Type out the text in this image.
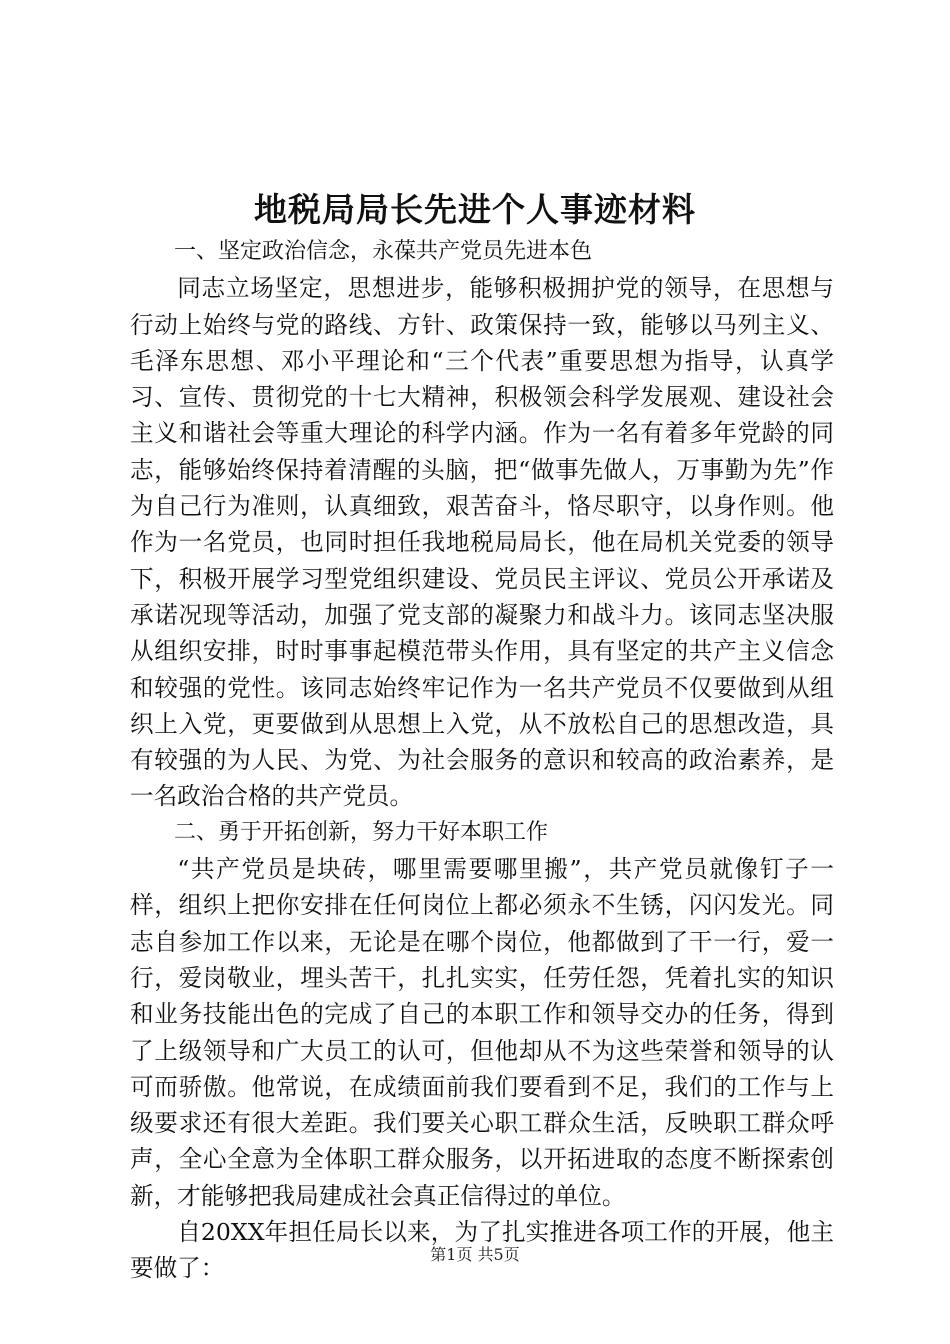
地税局局长先进个人事迹材料

一、坚定政治信念，永葆共产党员先进本色

同志立场坚定，思想进步，能够积极拥护党的领导，在思想与行动上始终与党的路线、方针、政策保持一致，能够以马列主义、毛泽东思想、邓小平理论和“三个代表”重要思想为指导，认真学习、宣传、贯彻党的十七大精神，积极领会科学发展观、建设社会主义和谐社会等重大理论的科学内涵。作为一名有着多年党龄的同志，能够始终保持着清醒的头脑，把“做事先做人，万事勤为先”作为自己行为准则，认真细致，艰苦奋斗，恪尽职守，以身作则。他作为一名党员，也同时担任我地税局局长，他在局机关党委的领导下，积极开展学习型党组织建设、党员民主评议、党员公开承诺及承诺况现等活动，加强了党支部的凝聚力和战斗力。该同志坚决服从组织安排，时时事事起模范带头作用，具有坚定的共产主义信念和较强的党性。该同志始终牢记作为一名共产党员不仅要做到从组织上入党，更要做到从思想上入党，从不放松自己的思想改造，具有较强的为人民、为党、为社会服务的意识和较高的政治素养，是一名政治合格的共产党员。

二、勇于开拓创新，努力干好本职工作

“共产党员是块砖，哪里需要哪里搬”，共产党员就像钉子一样，组织上把你安排在任何岗位上都必须永不生锈，闪闪发光。同志自参加工作以来，无论是在哪个岗位，他都做到了干一行，爱一行，爱岗敬业，埋头苦干，扎扎实实，任劳任怨，凭着扎实的知识和业务技能出色的完成了自己的本职工作和领导交办的任务，得到了上级领导和广大员工的认可，但他却从不为这些荣誉和领导的认可而骄傲。他常说，在成绩面前我们要看到不足，我们的工作与上级要求还有很大差距。我们要关心职工群众生活，反映职工群众呼声，全心全意为全体职工群众服务，以开拓进取的态度不断探索创新，才能够把我局建成社会真正信得过的单位。

自20XX年担任局长以来，为了扎实推进各项工作的开展，他主要做了：	第1页 共5页
